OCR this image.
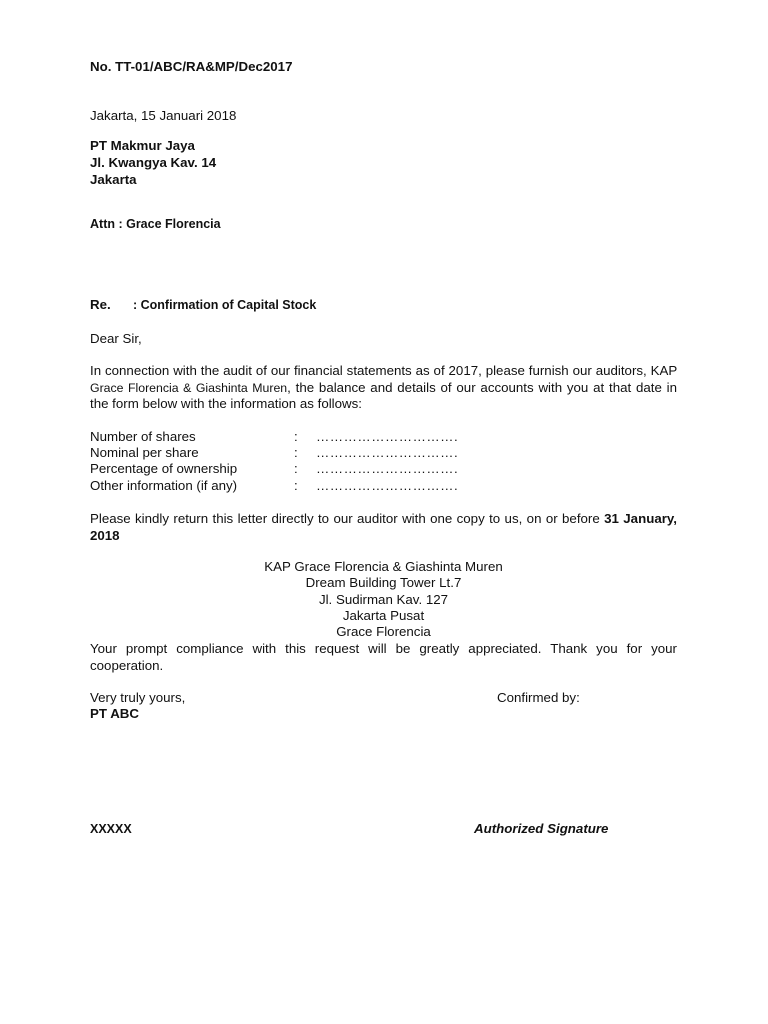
No. TT-01/ABC/RA&MP/Dec2017
Jakarta, 15 Januari 2018
PT Makmur Jaya
Jl. Kwangya Kav. 14
Jakarta
Attn : Grace Florencia
Re. : Confirmation of Capital Stock
Dear Sir,
In connection with the audit of our financial statements as of 2017, please furnish our auditors, KAP Grace Florencia & Giashinta Muren, the balance and details of our accounts with you at that date in the form below with the information as follows:
Number of shares	: ………………………….
Nominal per share	: ………………………….
Percentage of ownership	: ………………………….
Other information (if any)	: ………………………….
Please kindly return this letter directly to our auditor with one copy to us, on or before 31 January, 2018
KAP Grace Florencia & Giashinta Muren
Dream Building Tower Lt.7
Jl. Sudirman Kav. 127
Jakarta Pusat
Grace Florencia
Your prompt compliance with this request will be greatly appreciated. Thank you for your cooperation.
Very truly yours,
PT ABC
Confirmed by:
XXXXX	Authorized Signature
